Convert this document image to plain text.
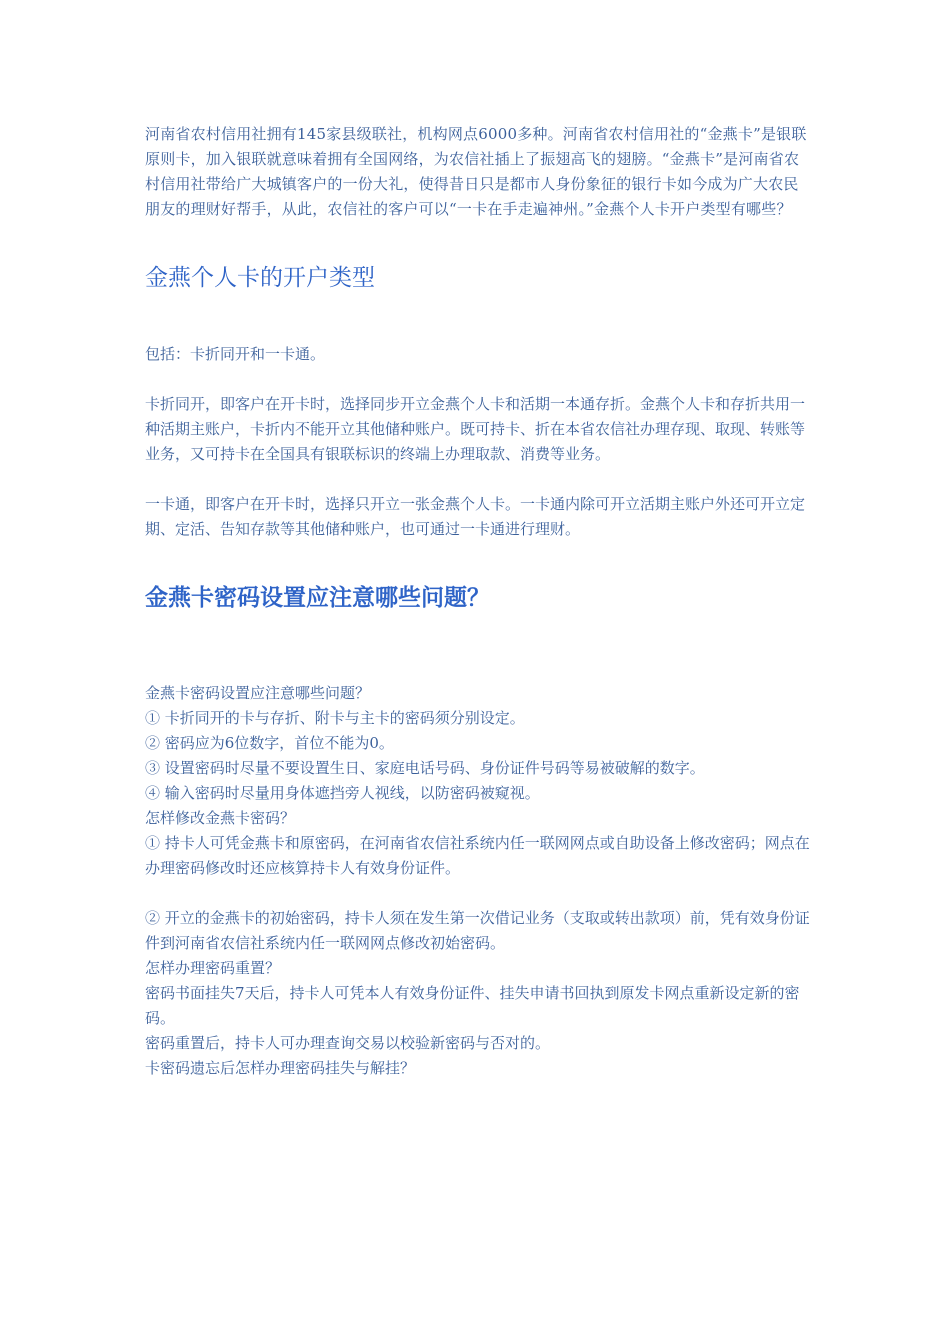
河南省农村信用社拥有145家县级联社，机构网点6000多种。河南省农村信用社的“金燕卡”是银联原则卡，加入银联就意味着拥有全国网络，为农信社插上了振翅高飞的翅膀。“金燕卡”是河南省农村信用社带给广大城镇客户的一份大礼，使得昔日只是都市人身份象征的银行卡如今成为广大农民朋友的理财好帮手，从此，农信社的客户可以“一卡在手走遍神州。”金燕个人卡开户类型有哪些？

金燕个人卡的开户类型

包括：卡折同开和一卡通。

卡折同开，即客户在开卡时，选择同步开立金燕个人卡和活期一本通存折。金燕个人卡和存折共用一种活期主账户，卡折内不能开立其他储种账户。既可持卡、折在本省农信社办理存现、取现、转账等业务，又可持卡在全国具有银联标识的终端上办理取款、消费等业务。

一卡通，即客户在开卡时，选择只开立一张金燕个人卡。一卡通内除可开立活期主账户外还可开立定期、定活、告知存款等其他储种账户，也可通过一卡通进行理财。

金燕卡密码设置应注意哪些问题？
金燕卡密码设置应注意哪些问题？
① 卡折同开的卡与存折、附卡与主卡的密码须分别设定。
② 密码应为6位数字，首位不能为0。
③ 设置密码时尽量不要设置生日、家庭电话号码、身份证件号码等易被破解的数字。
④ 输入密码时尽量用身体遮挡旁人视线，以防密码被窥视。
怎样修改金燕卡密码？

① 持卡人可凭金燕卡和原密码，在河南省农信社系统内任一联网网点或自助设备上修改密码；网点在办理密码修改时还应核算持卡人有效身份证件。

② 开立的金燕卡的初始密码，持卡人须在发生第一次借记业务（支取或转出款项）前，凭有效身份证件到河南省农信社系统内任一联网网点修改初始密码。

怎样办理密码重置？

密码书面挂失7天后，持卡人可凭本人有效身份证件、挂失申请书回执到原发卡网点重新设定新的密码。

密码重置后，持卡人可办理查询交易以校验新密码与否对的。

卡密码遗忘后怎样办理密码挂失与解挂？
